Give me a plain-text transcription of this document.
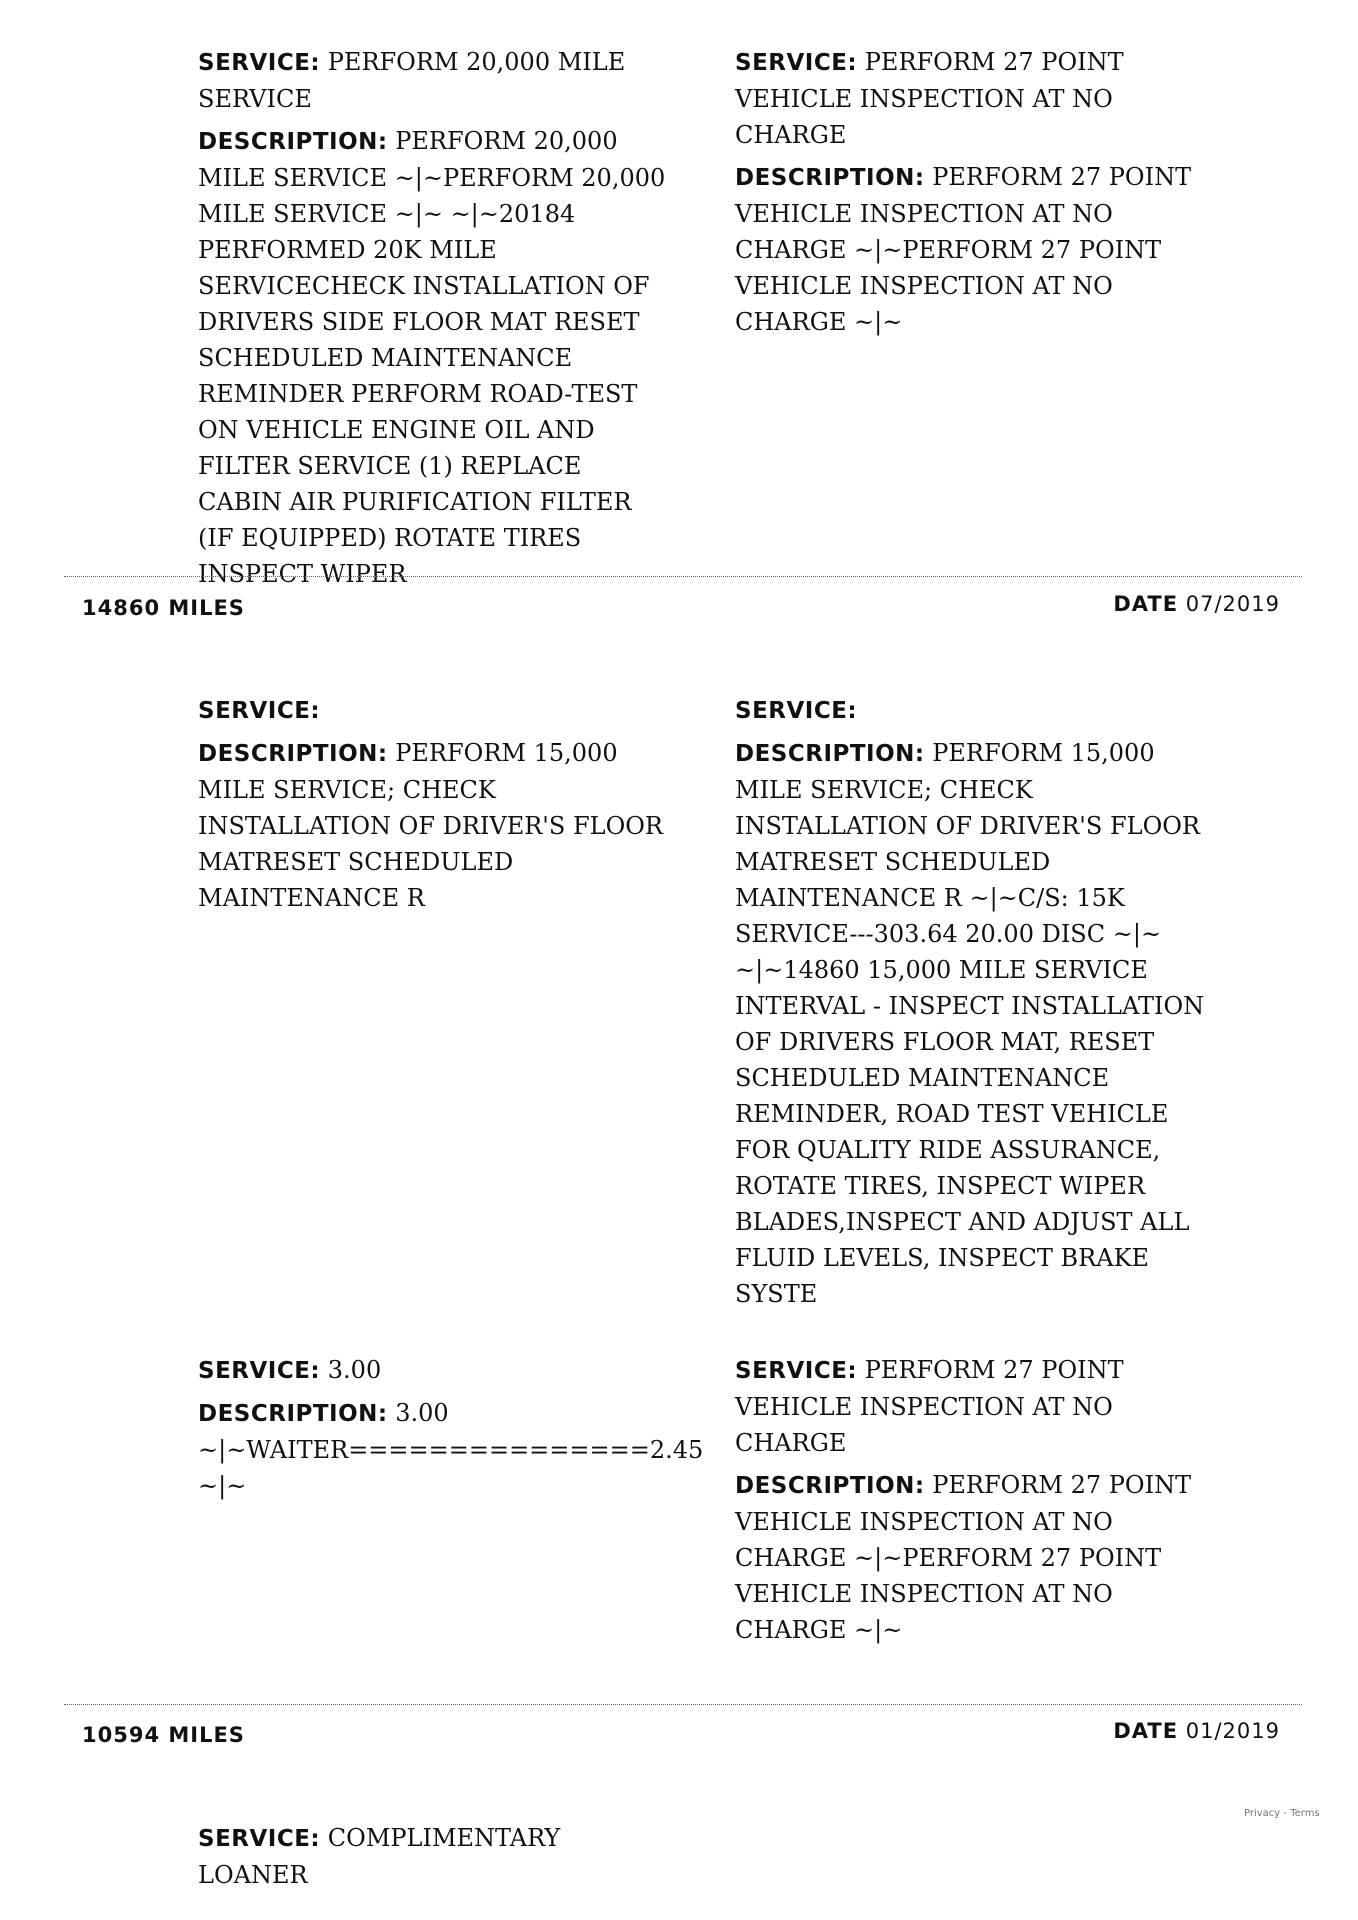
SERVICE: PERFORM 20,000 MILE SERVICE
DESCRIPTION: PERFORM 20,000 MILE SERVICE ~|~PERFORM 20,000 MILE SERVICE ~|~ ~|~20184 PERFORMED 20K MILE SERVICECHECK INSTALLATION OF DRIVERS SIDE FLOOR MAT RESET SCHEDULED MAINTENANCE REMINDER PERFORM ROAD-TEST ON VEHICLE ENGINE OIL AND FILTER SERVICE (1) REPLACE CABIN AIR PURIFICATION FILTER (IF EQUIPPED) ROTATE TIRES INSPECT WIPER
SERVICE: PERFORM 27 POINT VEHICLE INSPECTION AT NO CHARGE
DESCRIPTION: PERFORM 27 POINT VEHICLE INSPECTION AT NO CHARGE ~|~PERFORM 27 POINT VEHICLE INSPECTION AT NO CHARGE ~|~
14860 MILES	DATE 07/2019
SERVICE:
DESCRIPTION: PERFORM 15,000 MILE SERVICE; CHECK INSTALLATION OF DRIVER'S FLOOR MATRESET SCHEDULED MAINTENANCE R
SERVICE:
DESCRIPTION: PERFORM 15,000 MILE SERVICE; CHECK INSTALLATION OF DRIVER'S FLOOR MATRESET SCHEDULED MAINTENANCE R ~|~C/S: 15K SERVICE---303.64 20.00 DISC ~|~ ~|~14860 15,000 MILE SERVICE INTERVAL - INSPECT INSTALLATION OF DRIVERS FLOOR MAT, RESET SCHEDULED MAINTENANCE REMINDER, ROAD TEST VEHICLE FOR QUALITY RIDE ASSURANCE, ROTATE TIRES, INSPECT WIPER BLADES,INSPECT AND ADJUST ALL FLUID LEVELS, INSPECT BRAKE SYSTE
SERVICE: 3.00
DESCRIPTION: 3.00 ~|~WAITER===============2.45 ~|~
SERVICE: PERFORM 27 POINT VEHICLE INSPECTION AT NO CHARGE
DESCRIPTION: PERFORM 27 POINT VEHICLE INSPECTION AT NO CHARGE ~|~PERFORM 27 POINT VEHICLE INSPECTION AT NO CHARGE ~|~
10594 MILES	DATE 01/2019
SERVICE: COMPLIMENTARY LOANER
Privacy - Terms
